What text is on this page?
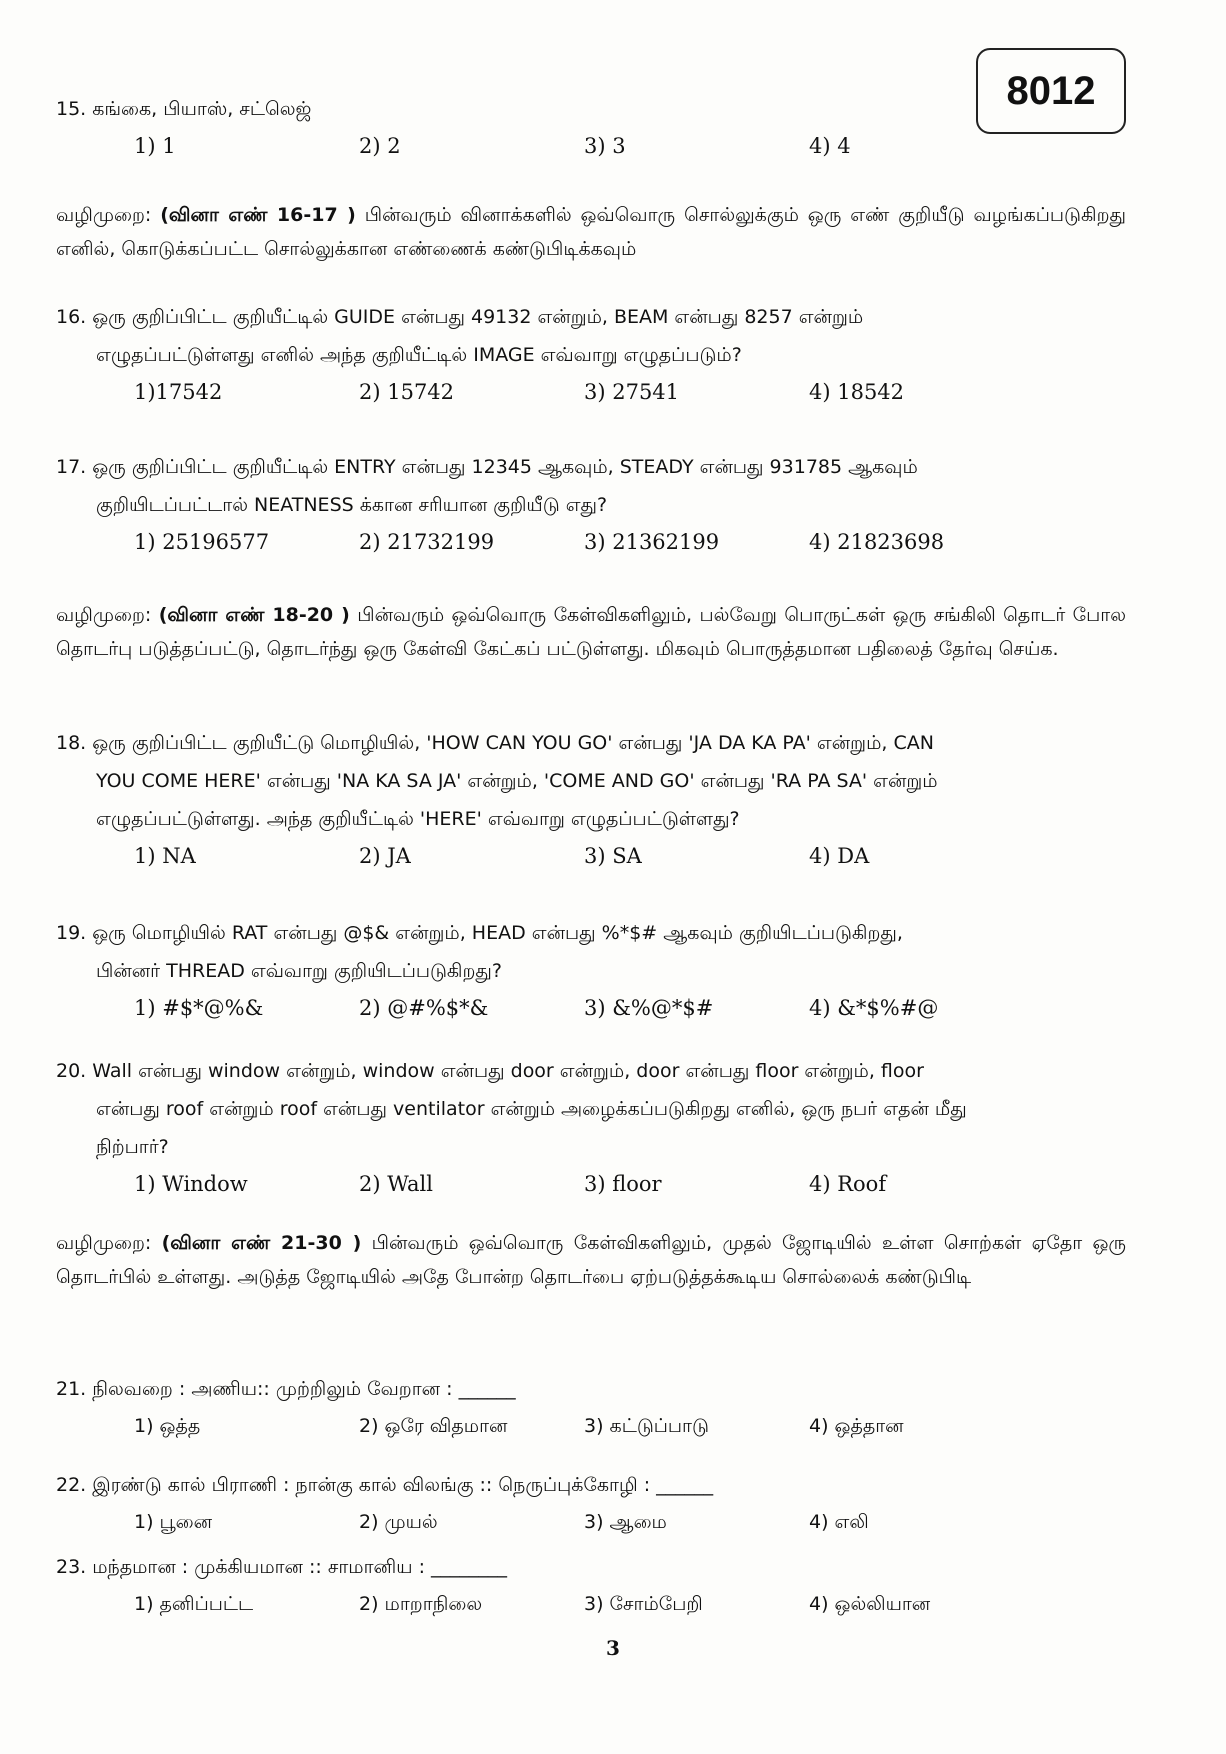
8012
15. கங்கை, பியாஸ், சட்லெஜ்
1) 1	2) 2	3) 3	4) 4
வழிமுறை: (வினா எண் 16-17 ) பின்வரும் வினாக்களில் ஒவ்வொரு சொல்லுக்கும் ஒரு எண் குறியீடு வழங்கப்படுகிறது எனில், கொடுக்கப்பட்ட சொல்லுக்கான எண்ணைக் கண்டுபிடிக்கவும்
16. ஒரு குறிப்பிட்ட குறியீட்டில் GUIDE என்பது 49132 என்றும், BEAM என்பது 8257 என்றும்
எழுதப்பட்டுள்ளது எனில் அந்த குறியீட்டில் IMAGE எவ்வாறு எழுதப்படும்?
1)17542	2) 15742	3) 27541	4) 18542
17. ஒரு குறிப்பிட்ட குறியீட்டில் ENTRY என்பது 12345 ஆகவும், STEADY என்பது 931785 ஆகவும்
குறியிடப்பட்டால் NEATNESS க்கான சரியான குறியீடு எது?
1) 25196577	2) 21732199	3) 21362199	4) 21823698
வழிமுறை: (வினா எண் 18-20 ) பின்வரும் ஒவ்வொரு கேள்விகளிலும், பல்வேறு பொருட்கள் ஒரு சங்கிலி தொடர் போல தொடர்பு படுத்தப்பட்டு, தொடர்ந்து ஒரு கேள்வி கேட்கப் பட்டுள்ளது. மிகவும் பொருத்தமான பதிலைத் தேர்வு செய்க.
18. ஒரு குறிப்பிட்ட குறியீட்டு மொழியில், 'HOW CAN YOU GO' என்பது 'JA DA KA PA' என்றும், CAN
YOU COME HERE' என்பது 'NA KA SA JA' என்றும், 'COME AND GO' என்பது 'RA PA SA' என்றும்
எழுதப்பட்டுள்ளது. அந்த குறியீட்டில் 'HERE' எவ்வாறு எழுதப்பட்டுள்ளது?
1) NA	2) JA	3) SA	4) DA
19. ஒரு மொழியில் RAT என்பது @$& என்றும், HEAD என்பது %*$# ஆகவும் குறியிடப்படுகிறது,
பின்னர் THREAD எவ்வாறு குறியிடப்படுகிறது?
1) #$*@%&	2) @#%$*&	3) &%@*$#	4) &*$%#@
20. Wall என்பது window என்றும், window என்பது door என்றும், door என்பது floor என்றும், floor
என்பது roof என்றும் roof என்பது ventilator என்றும் அழைக்கப்படுகிறது எனில், ஒரு நபர் எதன் மீது
நிற்பார்?
1) Window	2) Wall	3) floor	4) Roof
வழிமுறை: (வினா எண் 21-30 ) பின்வரும் ஒவ்வொரு கேள்விகளிலும், முதல் ஜோடியில் உள்ள சொற்கள் ஏதோ ஒரு தொடர்பில் உள்ளது. அடுத்த ஜோடியில் அதே போன்ற தொடர்பை ஏற்படுத்தக்கூடிய சொல்லைக் கண்டுபிடி
21. நிலவறை : அணிய:: முற்றிலும் வேறான : ______
1) ஒத்த	2) ஒரே விதமான	3) கட்டுப்பாடு	4) ஒத்தான
22. இரண்டு கால் பிராணி : நான்கு கால் விலங்கு :: நெருப்புக்கோழி : ______
1) பூனை	2) முயல்	3) ஆமை	4) எலி
23. மந்தமான : முக்கியமான :: சாமானிய : ________
1) தனிப்பட்ட	2) மாறாநிலை	3) சோம்பேறி	4) ஒல்லியான
3
